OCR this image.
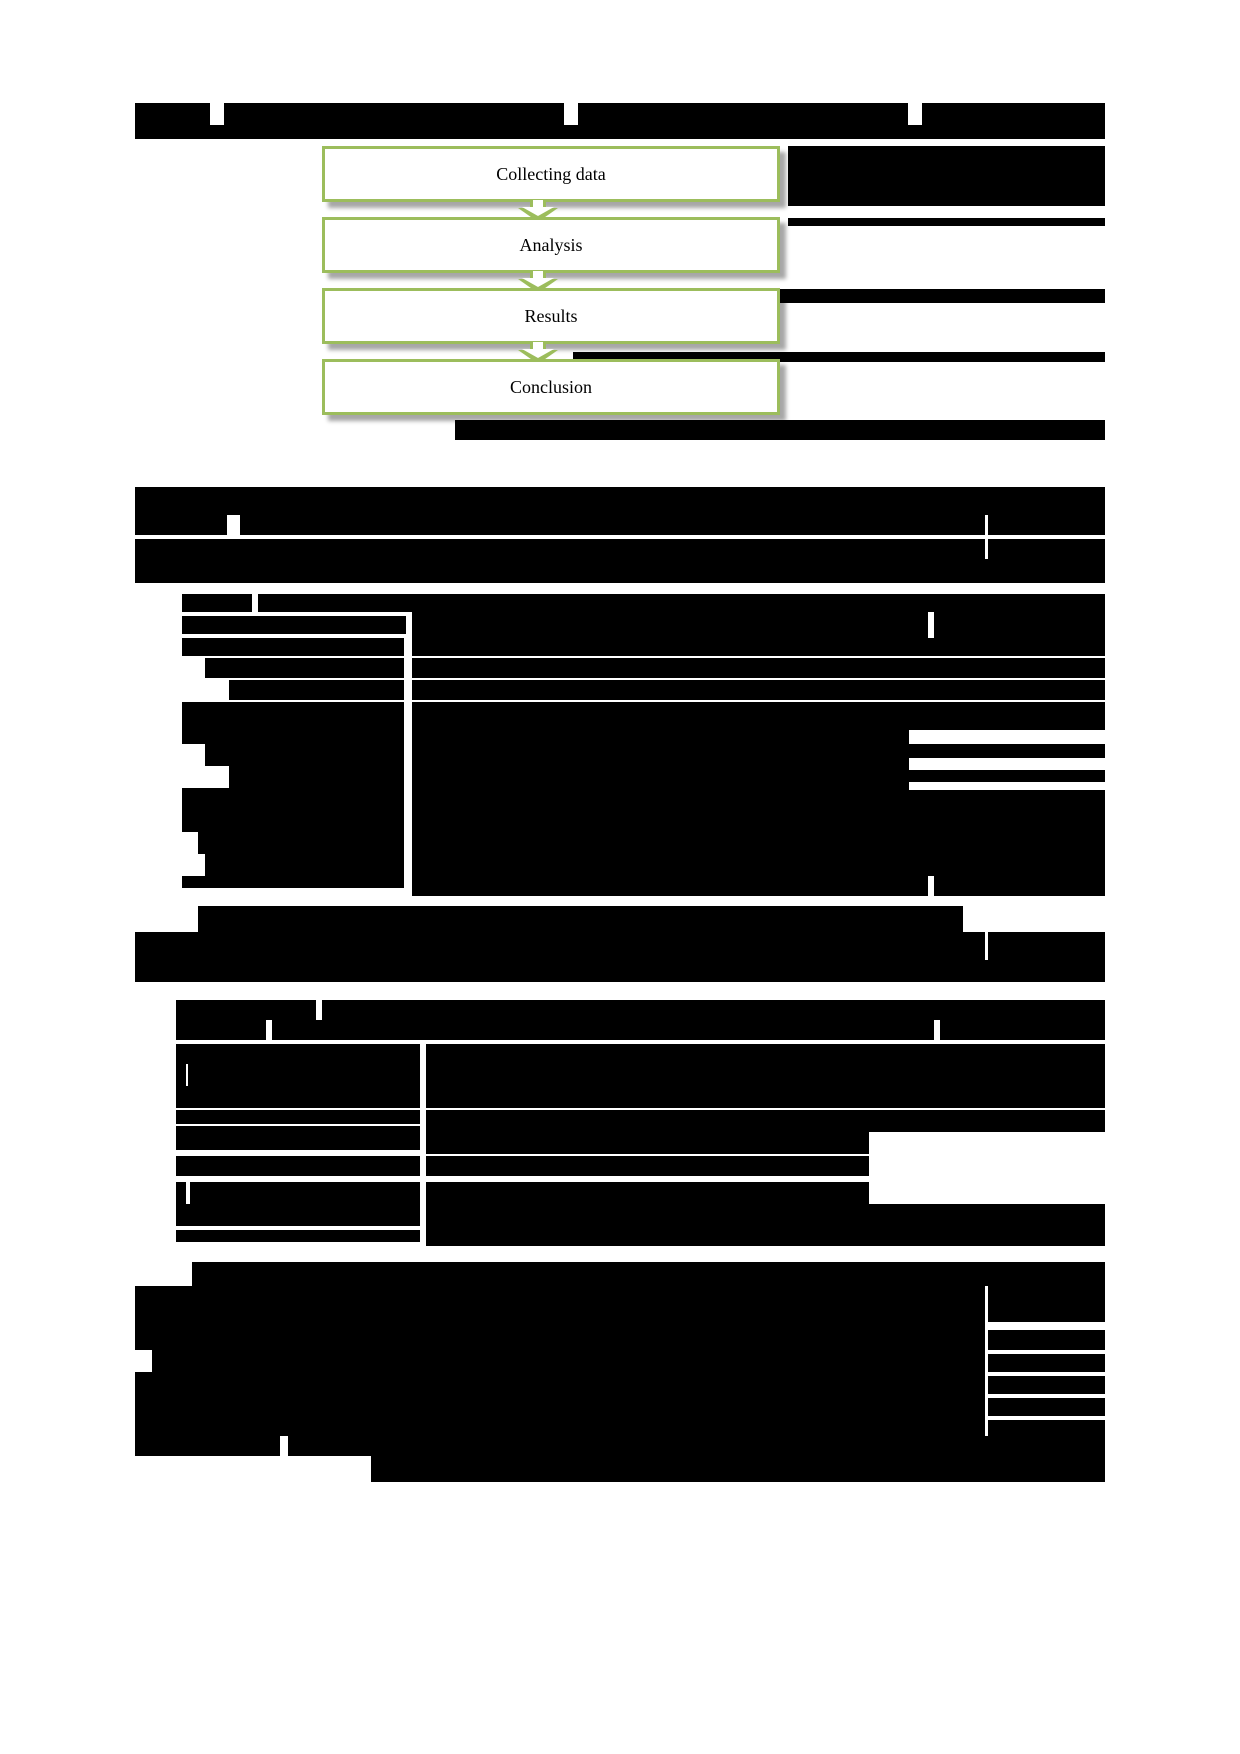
Collecting data
Analysis
Results
Conclusion
